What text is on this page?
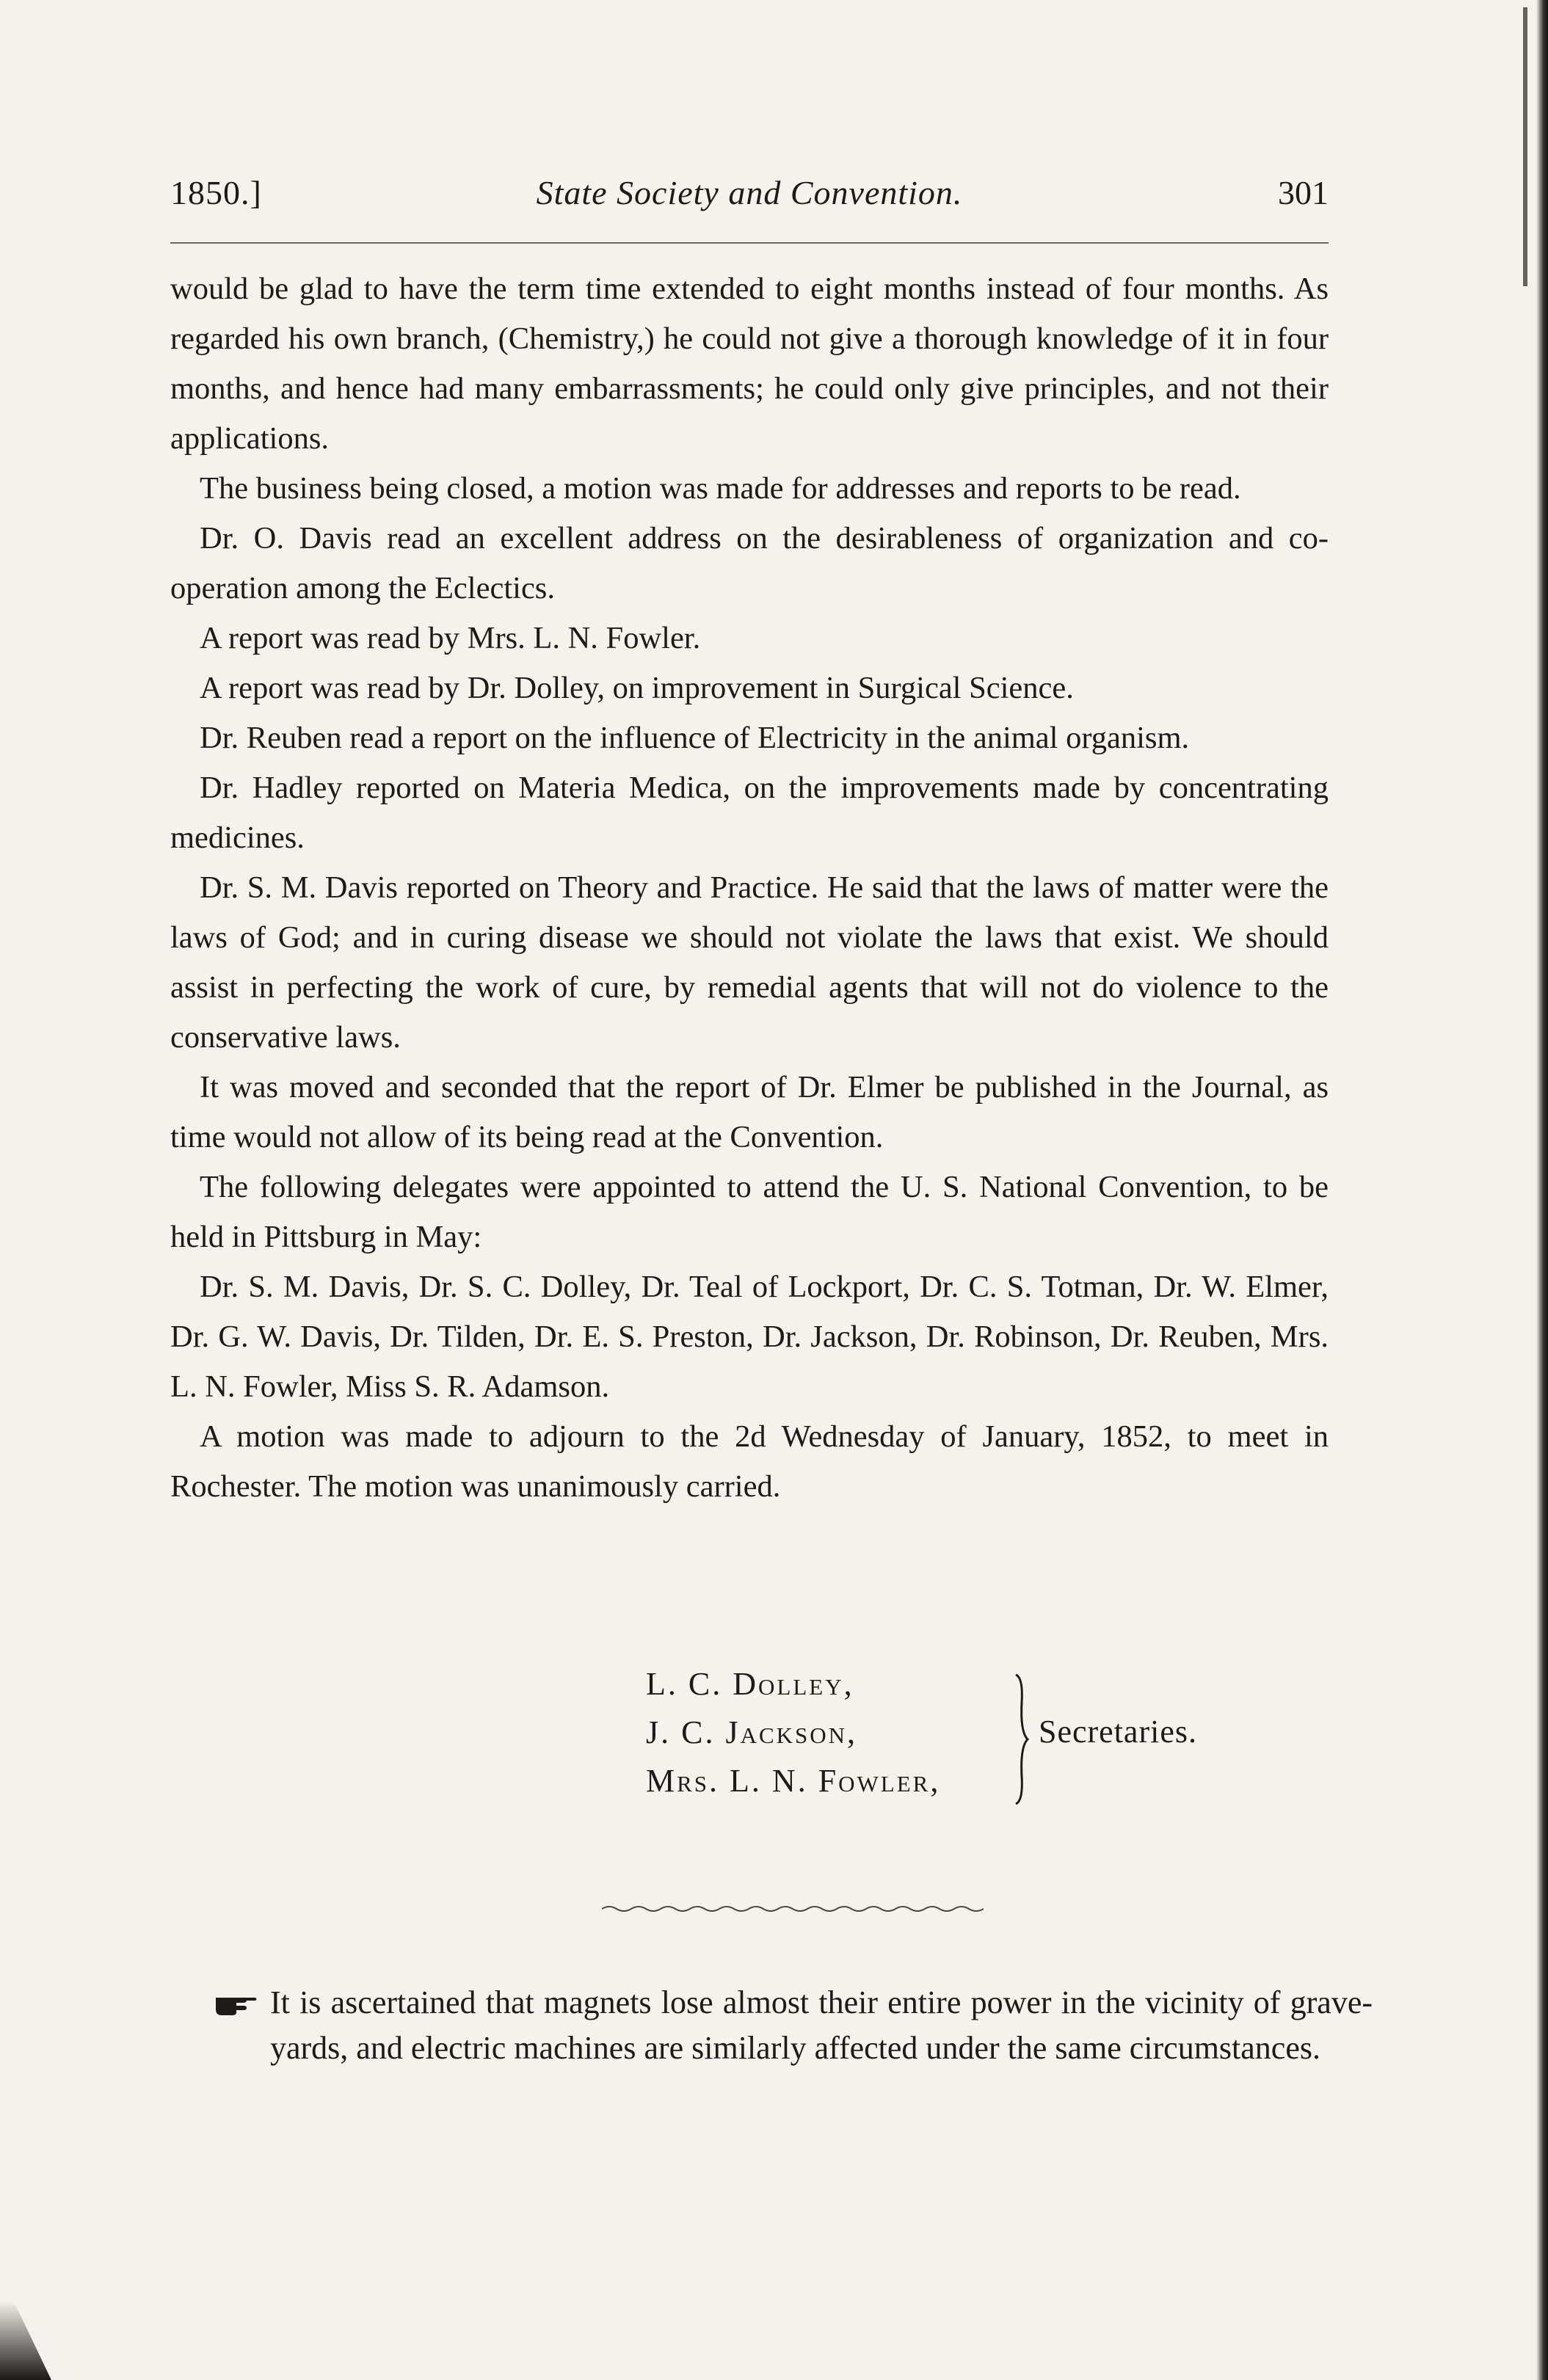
1850.]	State Society and Convention.	301

would be glad to have the term time extended to eight months instead of four months. As regarded his own branch, (Chemistry,) he could not give a thorough knowledge of it in four months, and hence had many embarrassments; he could only give principles, and not their applications.

The business being closed, a motion was made for addresses and reports to be read.

Dr. O. Davis read an excellent address on the desirableness of organization and co-operation among the Eclectics.

A report was read by Mrs. L. N. Fowler.

A report was read by Dr. Dolley, on improvement in Surgical Science.

Dr. Reuben read a report on the influence of Electricity in the animal organism.

Dr. Hadley reported on Materia Medica, on the improvements made by concentrating medicines.

Dr. S. M. Davis reported on Theory and Practice. He said that the laws of matter were the laws of God; and in curing disease we should not violate the laws that exist. We should assist in perfecting the work of cure, by remedial agents that will not do violence to the conservative laws.

It was moved and seconded that the report of Dr. Elmer be published in the Journal, as time would not allow of its being read at the Convention.

The following delegates were appointed to attend the U. S. National Convention, to be held in Pittsburg in May:

Dr. S. M. Davis, Dr. S. C. Dolley, Dr. Teal of Lockport, Dr. C. S. Totman, Dr. W. Elmer, Dr. G. W. Davis, Dr. Tilden, Dr. E. S. Preston, Dr. Jackson, Dr. Robinson, Dr. Reuben, Mrs. L. N. Fowler, Miss S. R. Adamson.

A motion was made to adjourn to the 2d Wednesday of January, 1852, to meet in Rochester. The motion was unanimously carried.

L. C. Dolley,
J. C. Jackson,
Mrs. L. N. Fowler,
Secretaries.

It is ascertained that magnets lose almost their entire power in the vicinity of grave-yards, and electric machines are similarly affected under the same circumstances.
